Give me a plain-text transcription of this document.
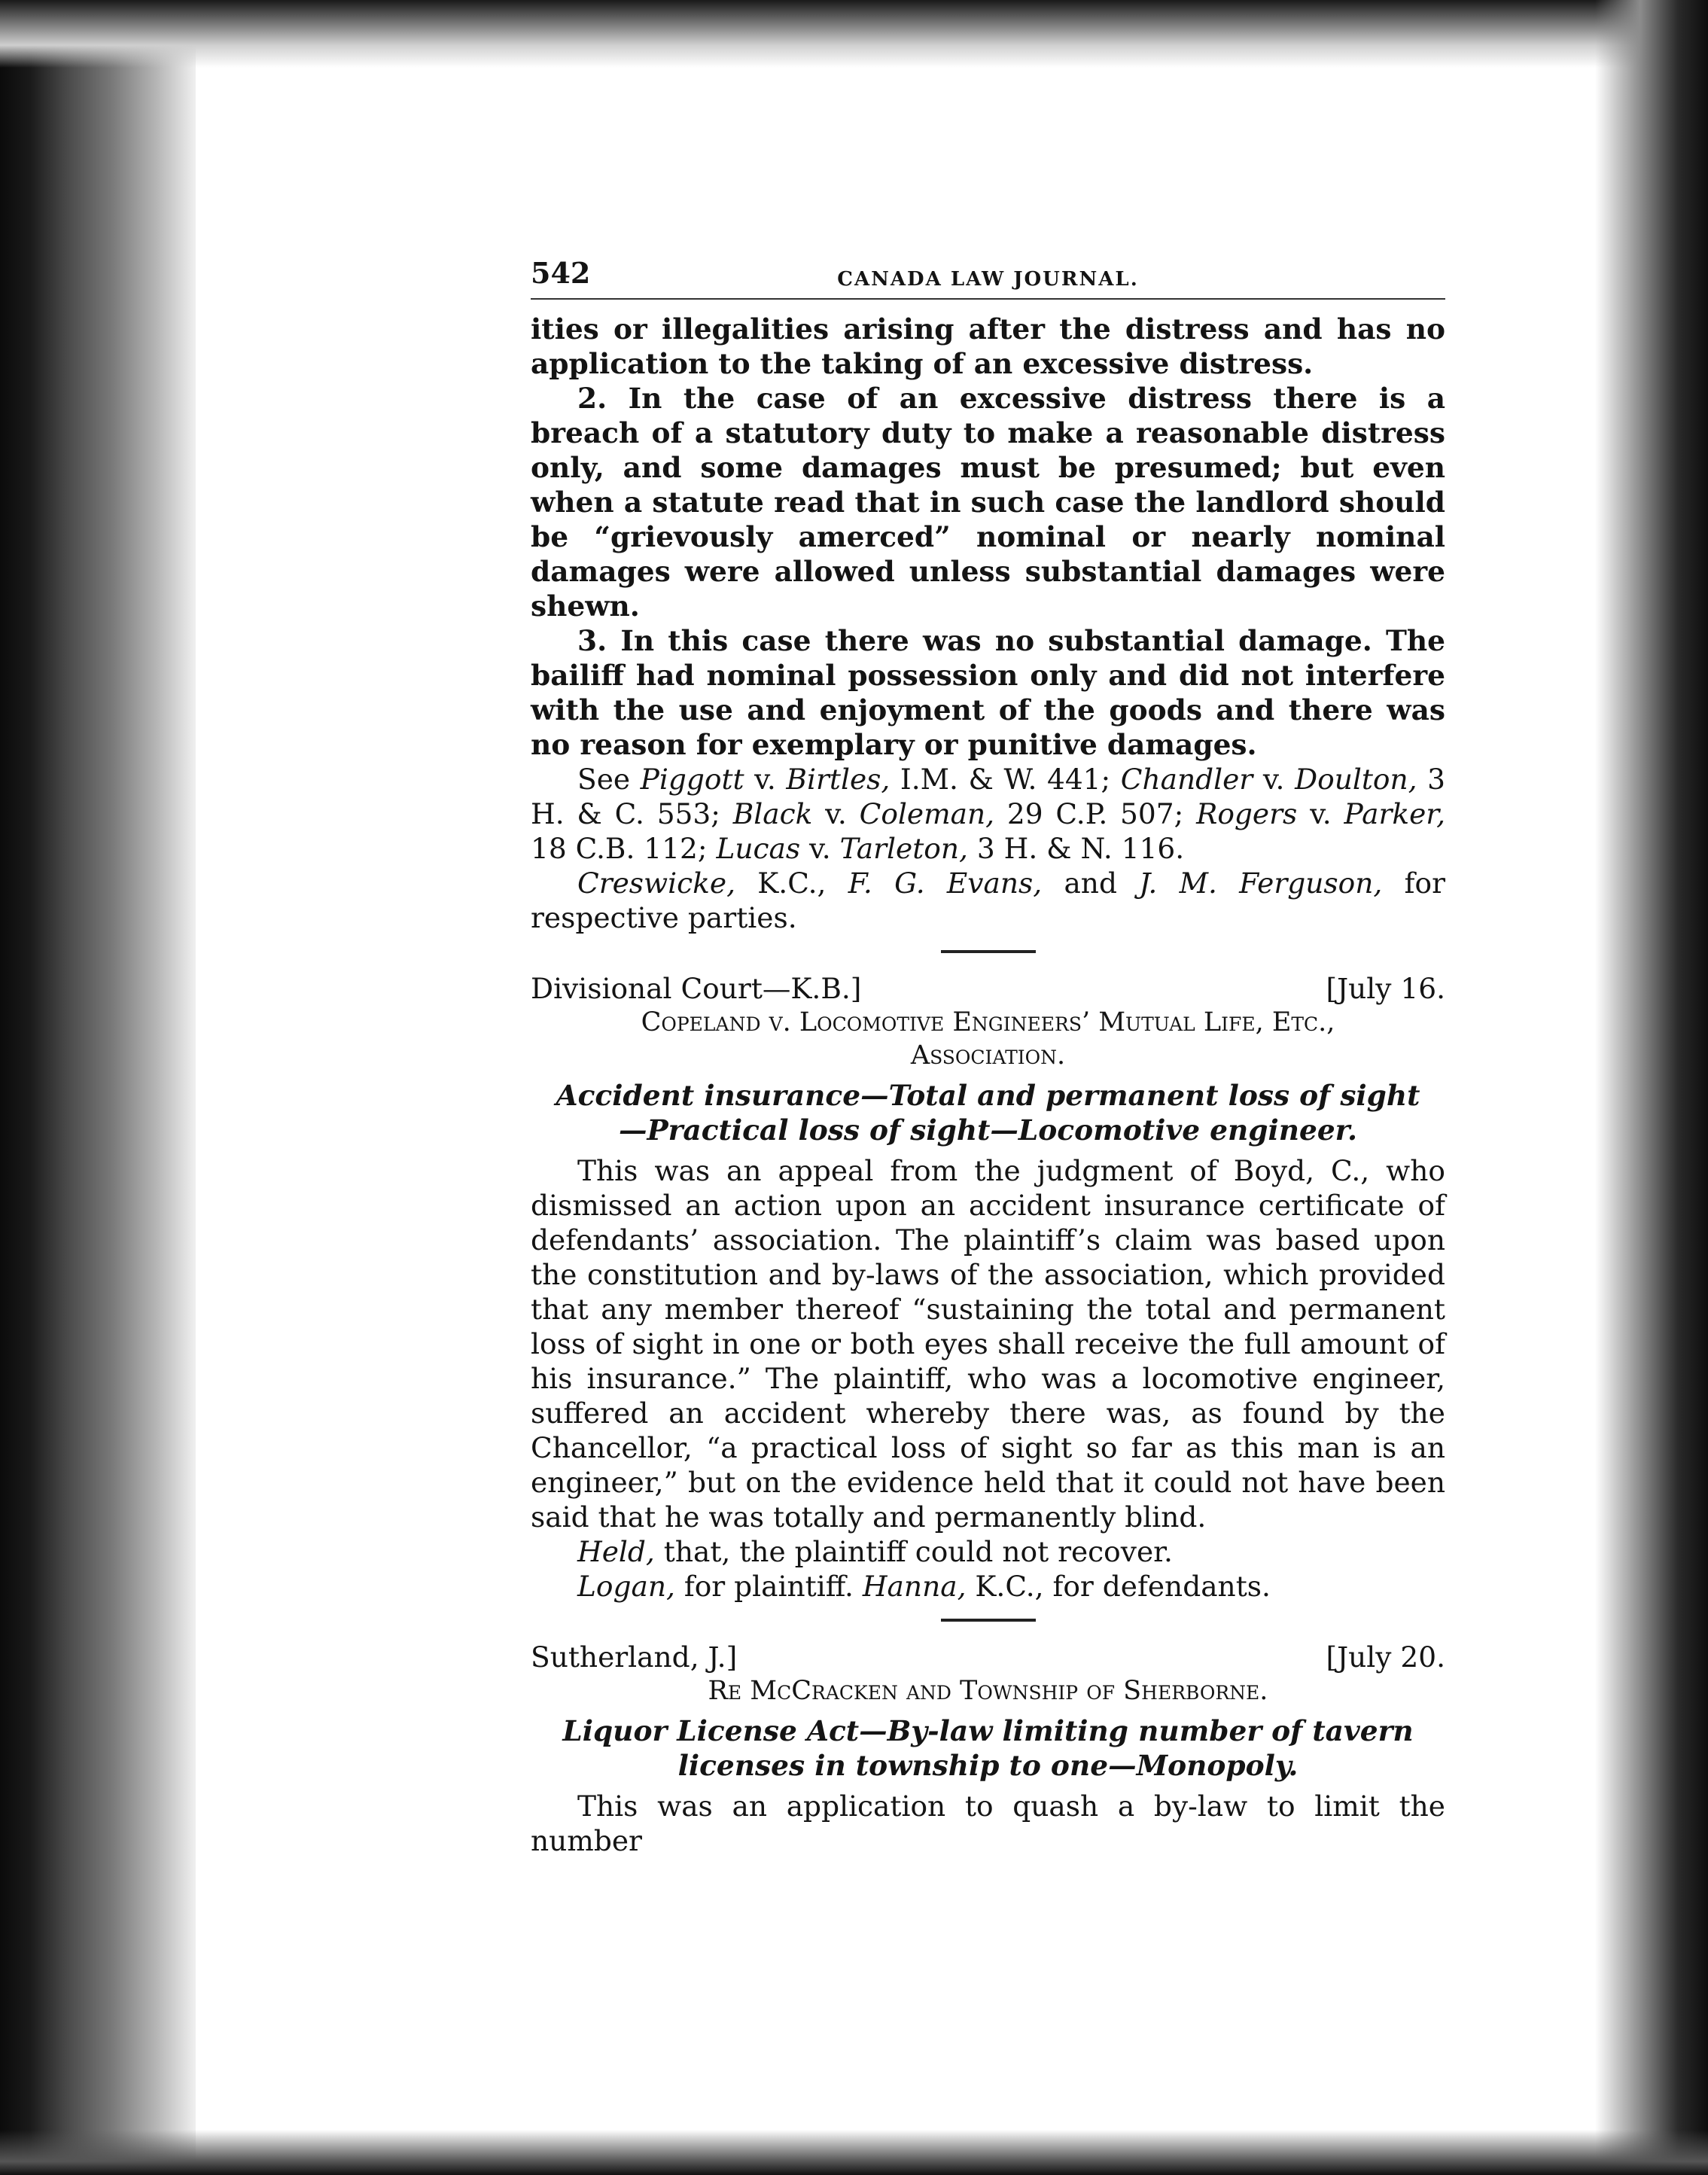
542	CANADA LAW JOURNAL.

ities or illegalities arising after the distress and has no application to the taking of an excessive distress.

2. In the case of an excessive distress there is a breach of a statutory duty to make a reasonable distress only, and some damages must be presumed; but even when a statute read that in such case the landlord should be “grievously amerced” nominal or nearly nominal damages were allowed unless substantial damages were shewn.

3. In this case there was no substantial damage. The bailiff had nominal possession only and did not interfere with the use and enjoyment of the goods and there was no reason for exemplary or punitive damages.

See Piggott v. Birtles, I.M. & W. 441; Chandler v. Doulton, 3 H. & C. 553; Black v. Coleman, 29 C.P. 507; Rogers v. Parker, 18 C.B. 112; Lucas v. Tarleton, 3 H. & N. 116.

Creswicke, K.C., F. G. Evans, and J. M. Ferguson, for respective parties.

Divisional Court—K.B.]	[July 16.
Copeland v. Locomotive Engineers’ Mutual Life, Etc.,
Association.

Accident insurance—Total and permanent loss of sight—Practical loss of sight—Locomotive engineer.

This was an appeal from the judgment of Boyd, C., who dismissed an action upon an accident insurance certificate of defendants’ association. The plaintiff’s claim was based upon the constitution and by-laws of the association, which provided that any member thereof “sustaining the total and permanent loss of sight in one or both eyes shall receive the full amount of his insurance.” The plaintiff, who was a locomotive engineer, suffered an accident whereby there was, as found by the Chancellor, “a practical loss of sight so far as this man is an engineer,” but on the evidence held that it could not have been said that he was totally and permanently blind.

Held, that, the plaintiff could not recover.

Logan, for plaintiff. Hanna, K.C., for defendants.

Sutherland, J.]	[July 20.
Re McCracken and Township of Sherborne.

Liquor License Act—By-law limiting number of tavern licenses in township to one—Monopoly.

This was an application to quash a by-law to limit the number
